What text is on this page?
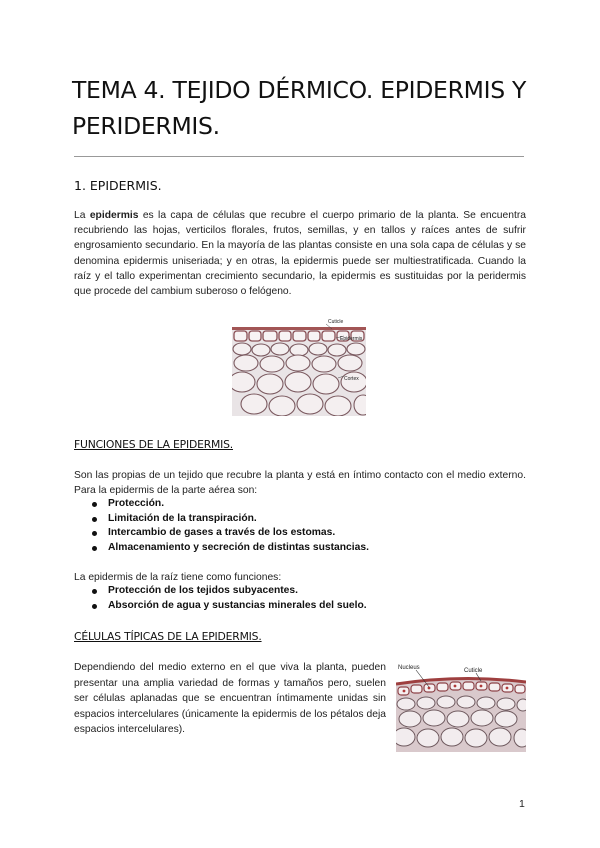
TEMA 4. TEJIDO DÉRMICO. EPIDERMIS Y PERIDERMIS.
1. EPIDERMIS.
La epidermis es la capa de células que recubre el cuerpo primario de la planta. Se encuentra recubriendo las hojas, verticilos florales, frutos, semillas, y en tallos y raíces antes de sufrir engrosamiento secundario. En la mayoría de las plantas consiste en una sola capa de células y se denomina epidermis uniseriada; y en otras, la epidermis puede ser multiestratificada. Cuando la raíz y el tallo experimentan crecimiento secundario, la epidermis es sustituidas por la peridermis que procede del cambium suberoso o felógeno.
Cuticle
Epidermis
Cortex
FUNCIONES DE LA EPIDERMIS.
Son las propias de un tejido que recubre la planta y está en íntimo contacto con el medio externo. Para la epidermis de la parte aérea son:
Protección.
Limitación de la transpiración.
Intercambio de gases a través de los estomas.
Almacenamiento y secreción de distintas sustancias.
La epidermis de la raíz tiene como funciones:
Protección de los tejidos subyacentes.
Absorción de agua y sustancias minerales del suelo.
CÉLULAS TÍPICAS DE LA EPIDERMIS.
Dependiendo del medio externo en el que viva la planta, pueden presentar una amplia variedad de formas y tamaños pero, suelen ser células aplanadas que se encuentran íntimamente unidas sin espacios intercelulares (únicamente la epidermis de los pétalos deja espacios intercelulares).
Nucleus	Cuticle
1
